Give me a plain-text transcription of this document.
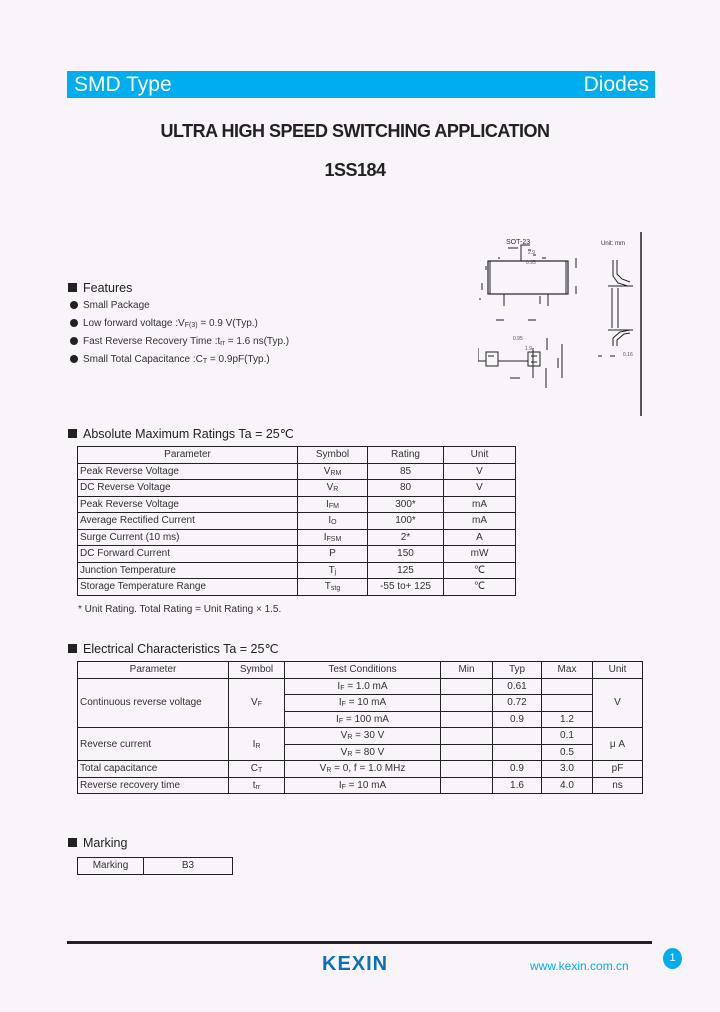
SMD Type	Diodes
ULTRA HIGH SPEED SWITCHING APPLICATION
1SS184
Features
Small Package
Low forward voltage $:V_{F(3)} = 0.9$ V(Typ.)
Fast Reverse Recovery Time $:t_{rr} = 1.6$ ns(Typ.)
Small Total Capacitance $:C_T = 0.9pF(Typ.)$
SOT-23	Unit: mm
2.9
0.95
0.95
1.9
0.16
Absolute Maximum Ratings Ta = 25℃
Parameter	Symbol	Rating	Unit
Peak Reverse Voltage	$V_{RM}$	85	V
DC Reverse Voltage	$V_R$	80	V
Peak Reverse Voltage	$I_{FM}$	300*	mA
Average Rectified Current	$I_O$	100*	mA
Surge Current (10 ms)	$I_{FSM}$	2*	A
DC Forward Current	P	150	mW
Junction Temperature	$T_j$	125	℃
Storage Temperature Range	$T_{stg}$	-55 to+ 125	℃
* Unit Rating. Total Rating = Unit Rating × 1.5.
Electrical Characteristics Ta = 25℃
Parameter	Symbol	Test Conditions	Min	Typ	Max	Unit
Continuous reverse voltage	$V_F$	$I_F = 1.0$ mA		0.61		V
		$I_F = 10$ mA		0.72		
		$I_F = 100$ mA		0.9	1.2	
Reverse current	$I_R$	$V_R = 30$ V			0.1	μ A
		$V_R = 80$ V			0.5	
Total capacitance	$C_T$	$V_R = 0$, f = 1.0 MHz		0.9	3.0	pF
Reverse recovery time	$t_{rr}$	$I_F = 10$ mA		1.6	4.0	ns
Marking
Marking	B3
KEXIN	www.kexin.com.cn
1
